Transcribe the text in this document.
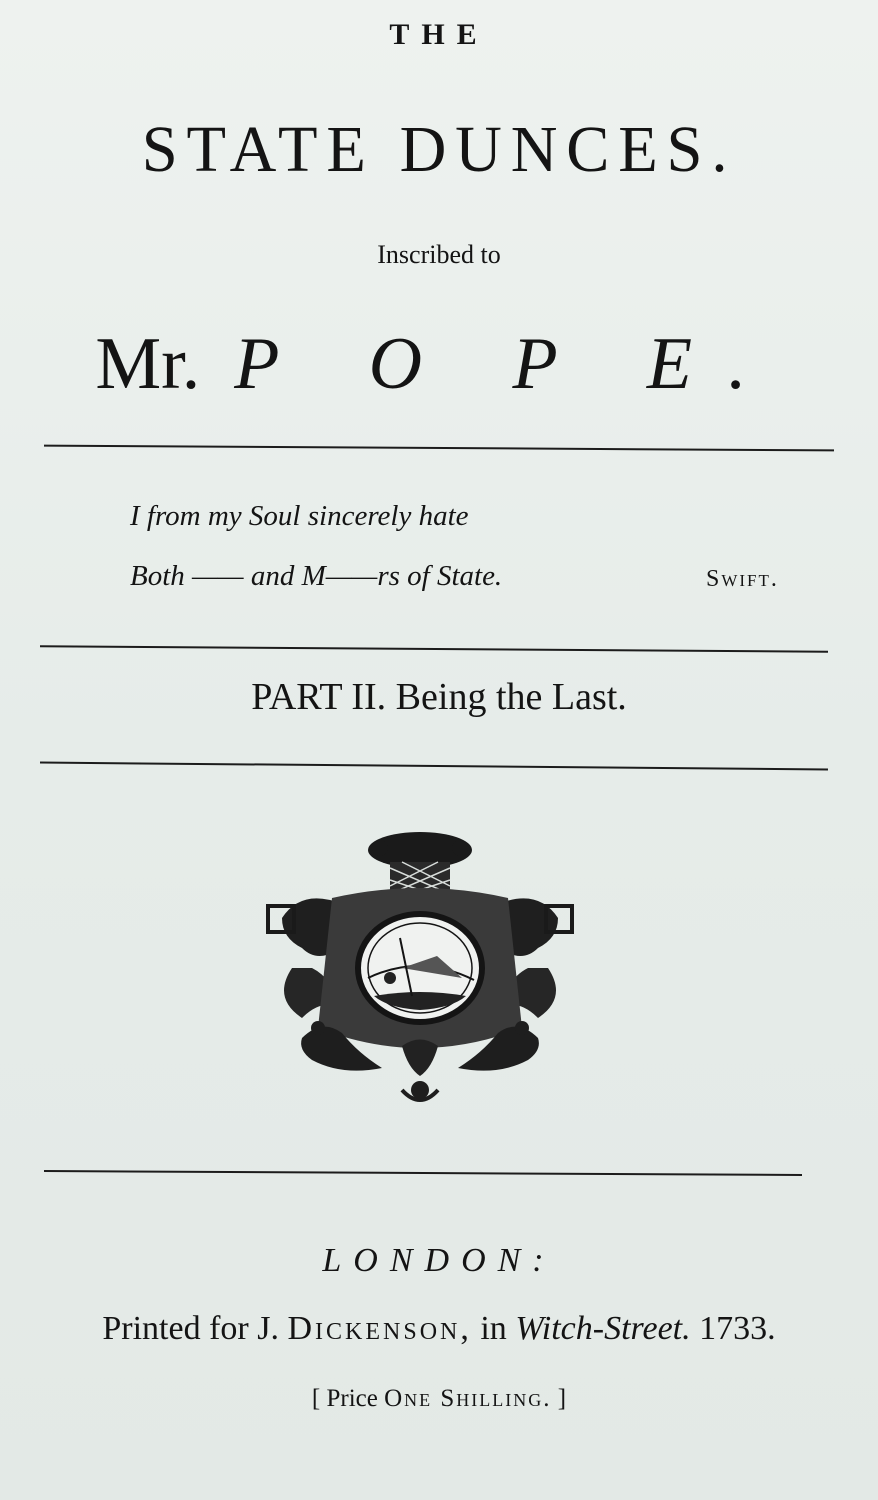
THE
STATE DUNCES.
Inscribed to
Mr. P O P E.
I from my Soul sincerely hate
Both —— and M——rs of State.	Swift.
PART II. Being the Last.
LONDON:
Printed for J. Dickenson, in Witch-Street. 1733.
[ Price One Shilling. ]
